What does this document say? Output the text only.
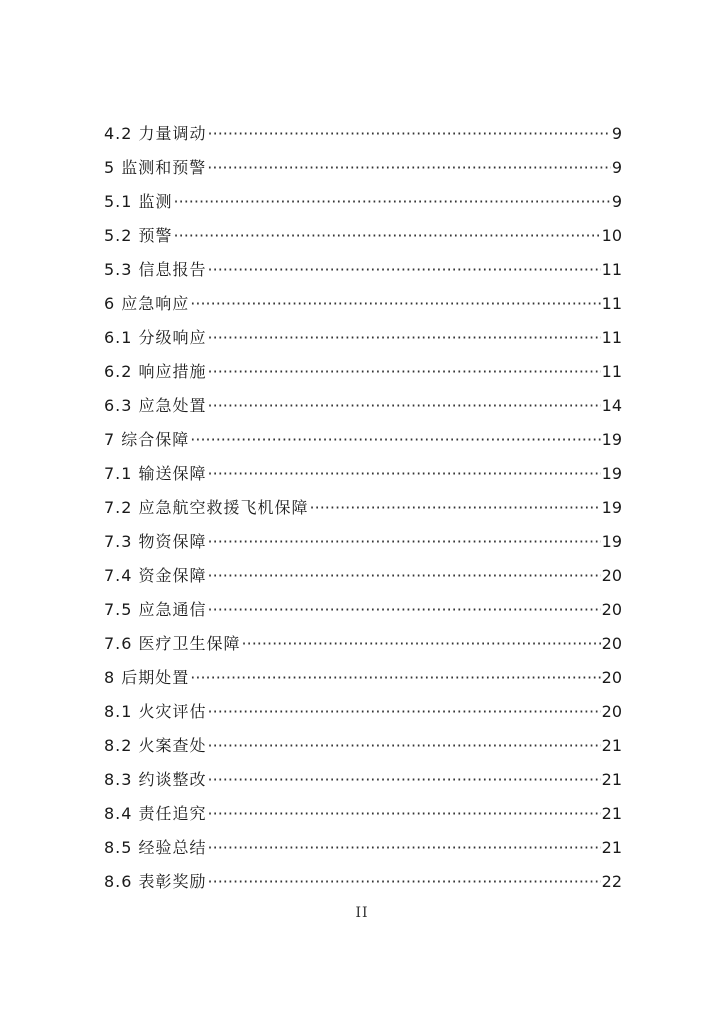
4.2 力量调动 ·····	9
5 监测和预警 ·····	9
5.1 监测 ·····	9
5.2 预警 ·····	10
5.3 信息报告 ·····	11
6 应急响应 ·····	11
6.1 分级响应 ·····	11
6.2 响应措施 ·····	11
6.3 应急处置 ·····	14
7 综合保障 ·····	19
7.1 输送保障 ·····	19
7.2 应急航空救援飞机保障 ·····	19
7.3 物资保障 ·····	19
7.4 资金保障 ·····	20
7.5 应急通信 ·····	20
7.6 医疗卫生保障 ·····	20
8 后期处置 ·····	20
8.1 火灾评估 ·····	20
8.2 火案查处 ·····	21
8.3 约谈整改 ·····	21
8.4 责任追究 ·····	21
8.5 经验总结 ·····	21
8.6 表彰奖励 ·····	22
II
